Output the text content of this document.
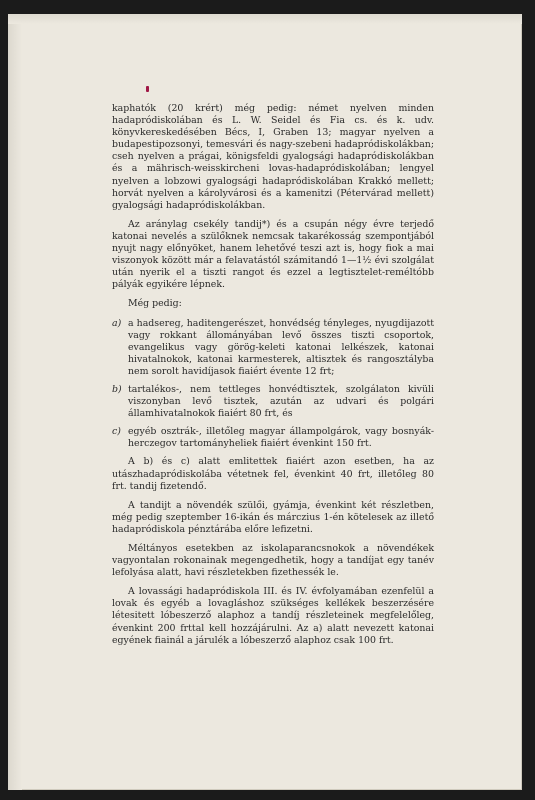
kaphatók (20 krért) még pedig: német nyelven minden hadapródiskolában és L. W. Seidel és Fia cs. és k. udv. könyvkereskedésében Bécs, I, Graben 13; magyar nyelven a budapestipozsonyi, temesvári és nagy-szebeni hadapródiskolákban; cseh nyelven a prágai, königsfeldi gyalogsági hadapródiskolákban és a mährisch-weisskircheni lovas-hadapródiskolában; lengyel nyelven a lobzowi gyalogsági hadapródiskolában Krakkó mellett; horvát nyelven a károlyvárosi és a kamenitzi (Pétervárad mellett) gyalogsági hadapródiskolákban.

Az aránylag csekély tandij*) és a csupán négy évre terjedő katonai nevelés a szülőknek nemcsak takarékosság szempontjából nyujt nagy előnyöket, hanem lehetővé teszi azt is, hogy fiok a mai viszonyok között már a felavatástól számitandó 1—1½ évi szolgálat után nyerik el a tiszti rangot és ezzel a legtisztelet-reméltóbb pályák egyikére lépnek.

Még pedig:

a) a hadsereg, haditengerészet, honvédség tényleges, nyugdijazott vagy rokkant állományában levő összes tiszti csoportok, evangelikus vagy görög-keleti katonai lelkészek, katonai hivatalnokok, katonai karmesterek, altisztek és rangosztályba nem sorolt havidíjasok fiaiért évente 12 frt;
b) tartalékos-, nem tettleges honvédtisztek, szolgálaton kivüli viszonyban levő tisztek, azután az udvari és polgári államhivatalnokok fiaiért 80 frt, és
c) egyéb osztrák-, illetőleg magyar állampolgárok, vagy bosnyák-herczegov tartományheliek fiaiért évenkint 150 frt.

A b) és c) alatt emlitettek fiaiért azon esetben, ha az utászhadapródiskolába vétetnek fel, évenkint 40 frt, illetőleg 80 frt. tandij fizetendő.

A tandijt a növendék szülői, gyámja, évenkint két részletben, még pedig szeptember 16-ikán és márczius 1-én kötelesek az illető hadapródiskola pénztárába előre lefizetni.

Méltányos esetekben az iskolaparancsnokok a növendékek vagyontalan rokonainak megengedhetik, hogy a tandíjat egy tanév lefolyása alatt, havi részletekben fizethessék le.

A lovassági hadapródiskola III. és IV. évfolyamában ezenfelül a lovak és egyéb a lovagláshoz szükséges kellékek beszerzésére létesitett lóbeszerző alaphoz a tandíj részleteinek megfelelőleg, évenkint 200 frttal kell hozzájárulni. Az a) alatt nevezett katonai egyének fiainál a járulék a lóbeszerző alaphoz csak 100 frt.
